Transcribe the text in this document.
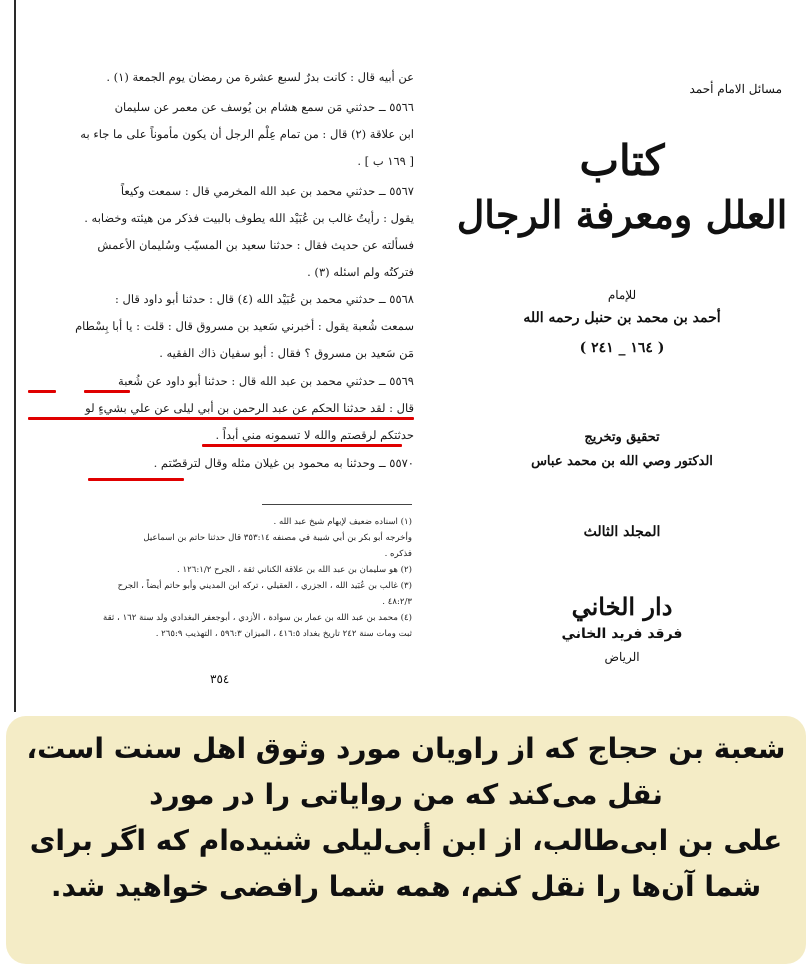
عن أبيه قال : كانت بدرٌ لسبع عشرة من رمضان يوم الجمعة (١) .
٥٥٦٦ ــ حدثني مَن سمع هشام بن يُوسف عن معمر عن سليمان
ابن علاقة (٢) قال : من تمام عِلْم الرجل أن يكون مأموناً على ما جاء به
[ ١٦٩ ب ] .
٥٥٦٧ ــ حدثني محمد بن عبد الله المخرمي قال : سمعت وكيعاً
يقول : رأيتُ غالب بن عُبَيْد الله يطوف بالبيت فذكر من هيئته وخضابه .
فسألته عن حديث فقال : حدثنا سعيد بن المسيّب وسُليمان الأعمش
فتركتُه ولم اسئله (٣) .
٥٥٦٨ ــ حدثني محمد بن عُبَيْد الله (٤) قال : حدثنا أبو داود قال :
سمعت شُعبة يقول : أخبرني سَعيد بن مسروق قال : قلت : يا أبا بِسْطام
مَن سَعيد بن مسروق ؟ فقال : أبو سفيان ذاك الفقيه .
٥٥٦٩ ــ حدثني محمد بن عبد الله قال : حدثنا أبو داود عن شُعبة
قال : لقد حدثنا الحكم عن عبد الرحمن بن أبي ليلى عن علي بشيءٍ لو
حدثتكم لرقصتم والله لا تسمونه مني أبداً .
٥٥٧٠ ــ وحدثنا به محمود بن غيلان مثله وقال لترقصّتم .
(١) اسناده ضعيف لإبهام شيخ عبد الله .
وأخرجه أبو بكر بن أبي شيبة في مصنفه ٣٥٣:١٤ قال حدثنا حاتم بن اسماعيل
فذكره .
(٢) هو سليمان بن عبد الله بن علاقة الكناني ثقة ، الجرح ١٢٦:١/٢ .
(٣) غالب بن عُبَيد الله ، الجزري ، العقيلي ، تركه ابن المديني وأبو حاتم أيضاً ، الجرح
٤٨:٢/٣ .
(٤) محمد بن عبد الله بن عمار بن سوادة ، الأزدي ، أبوجعفر البغدادي ولد سنة ١٦٢ ، ثقة
ثبت ومات سنة ٢٤٢ تاريخ بغداد ٤١٦:٥ ، الميزان ٥٩٦:٣ ، التهذيب ٢٦٥:٩ .
٣٥٤
مسائل الامام أحمد
كتاب
العلل ومعرفة الرجال
للإمام
أحمد بن محمد بن حنبل رحمه الله
( ١٦٤ _ ٢٤١ )
تحقيق وتخريج
الدكتور وصي الله بن محمد عباس
المجلد الثالث
دار الخاني
فرقد فريد الخاني
الرياض
شعبة بن حجاج که از راویان مورد وثوق اهل سنت است،
نقل می‌کند که من روایاتی را در مورد
علی بن ابی‌طالب، از ابن أبی‌لیلی شنیده‌ام که اگر برای
شما آن‌ها را نقل کنم، همه شما رافضی خواهید شد.
